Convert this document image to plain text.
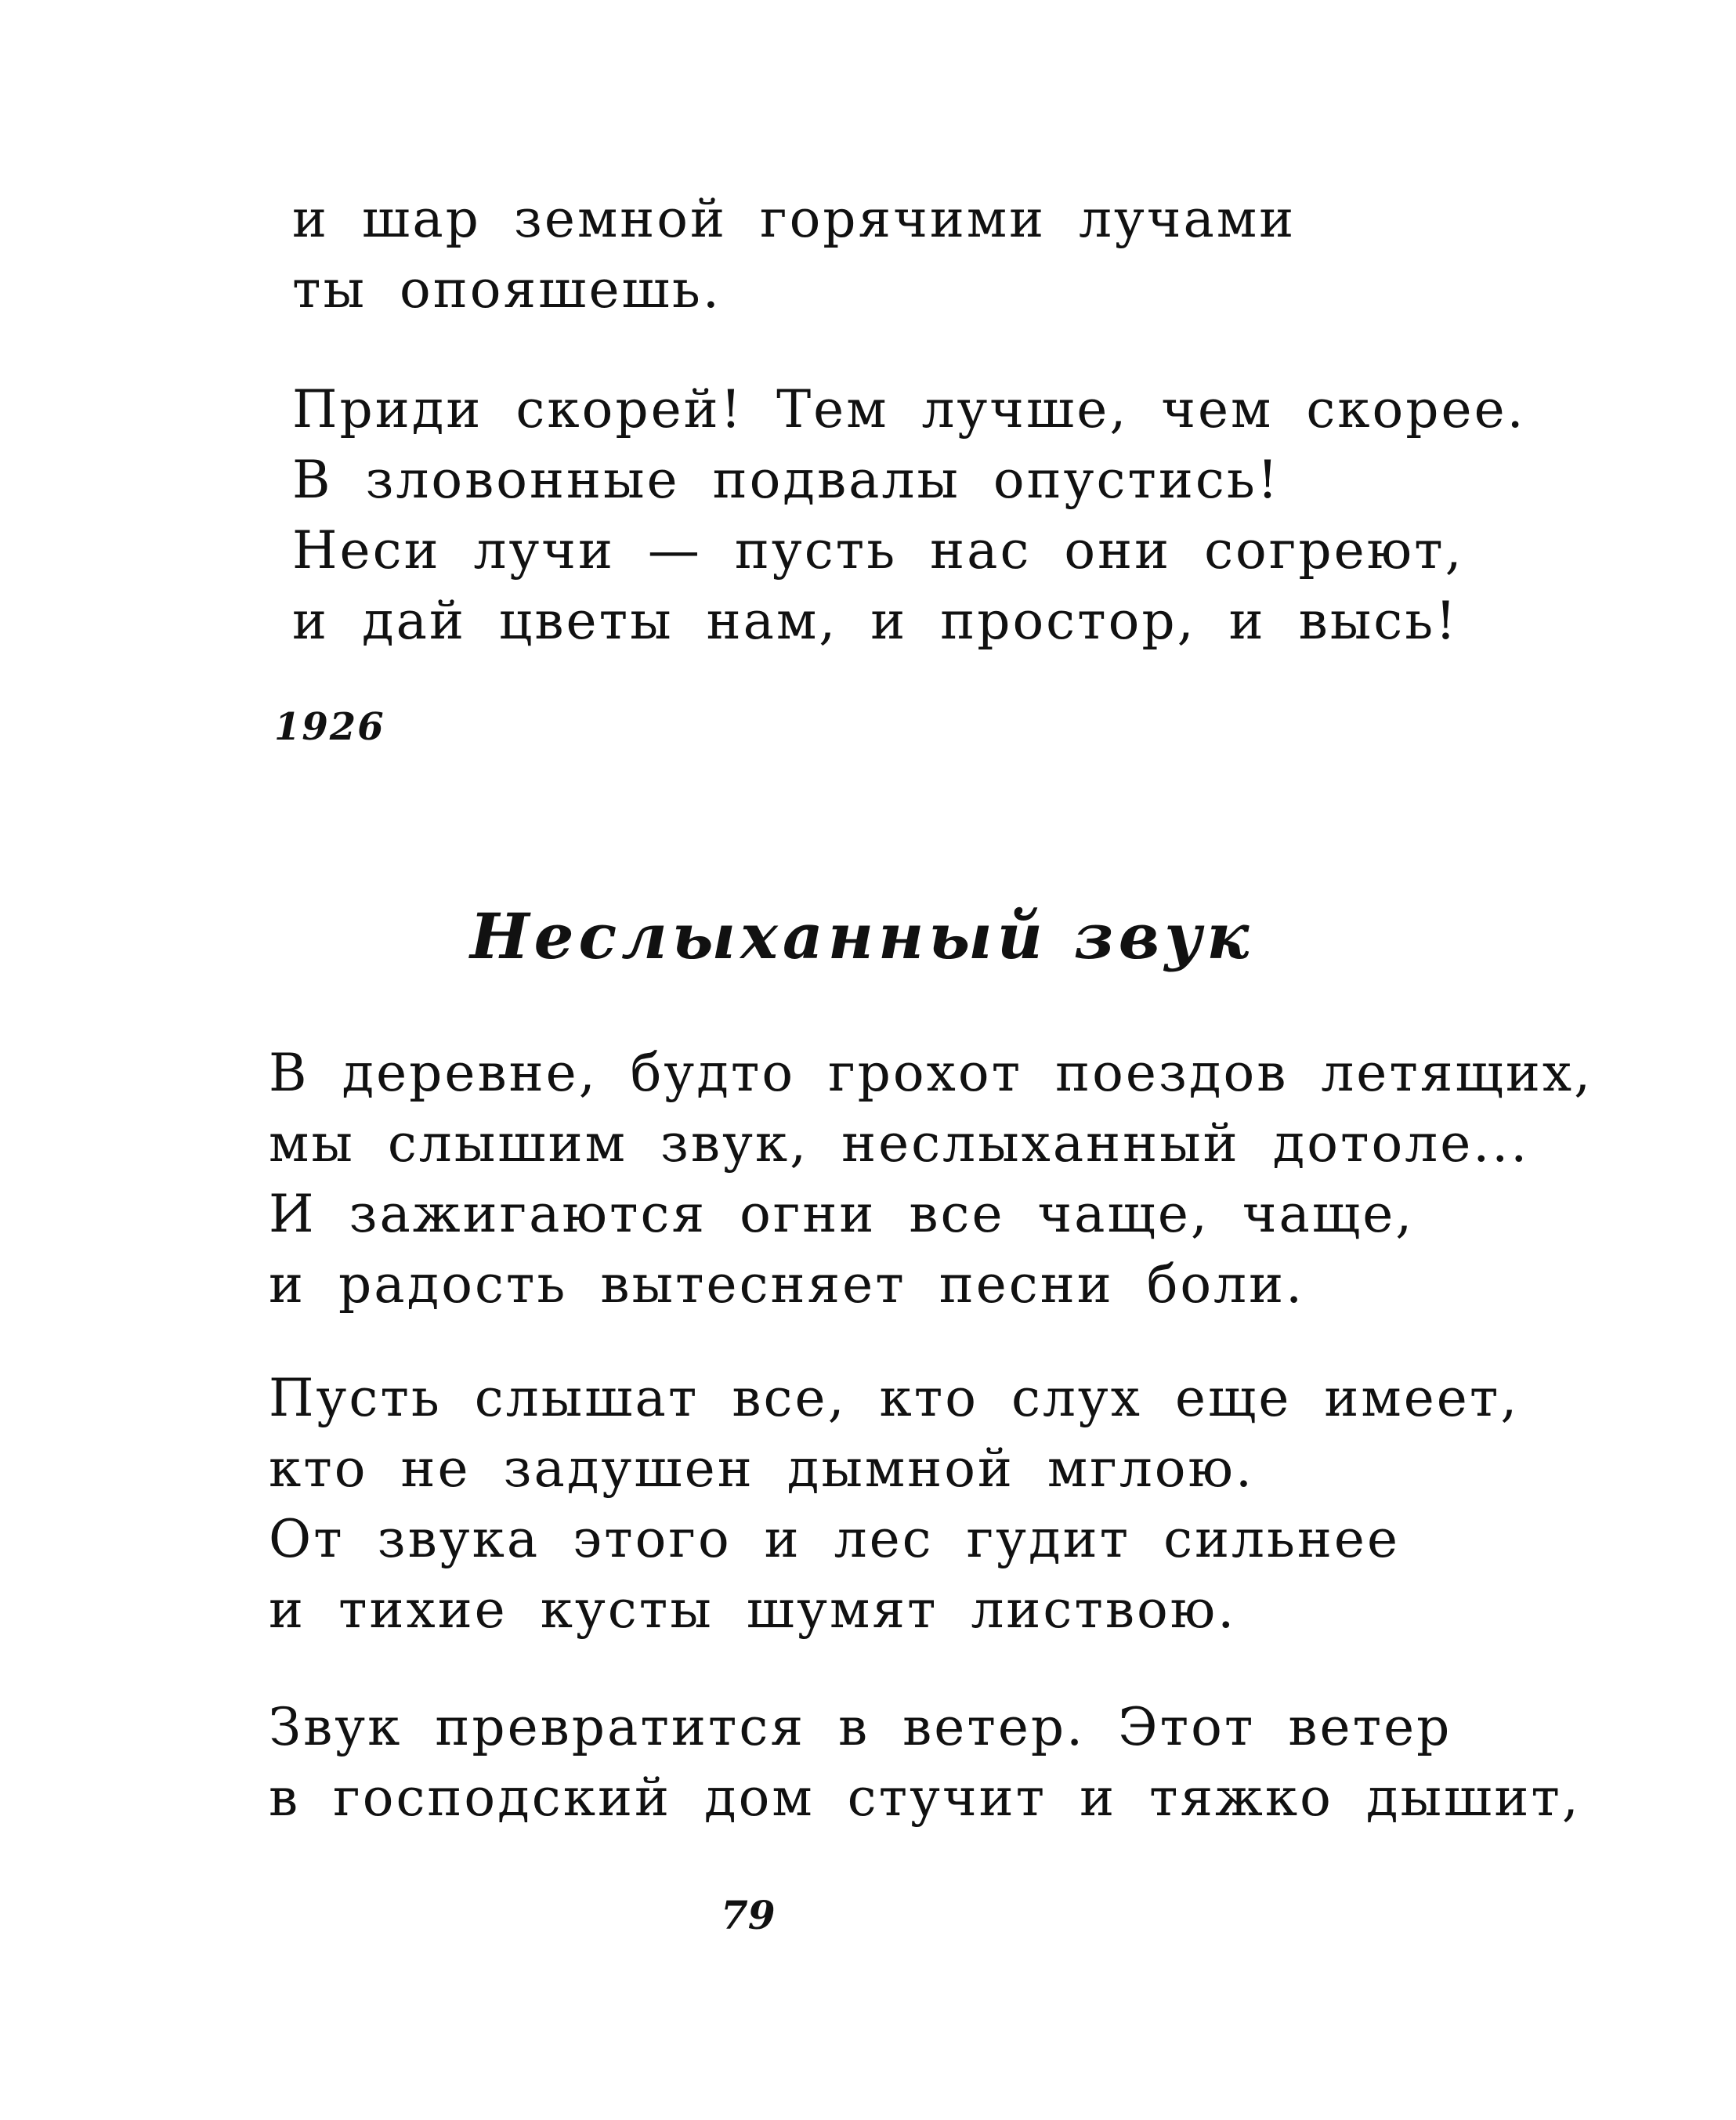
и шар земной горячими лучами
ты опояшешь.
Приди скорей! Тем лучше, чем скорее.
В зловонные подвалы опустись!
Неси лучи — пусть нас они согреют,
и дай цветы нам, и простор, и высь!
1926
Неслыханный звук
В деревне, будто грохот поездов летящих,
мы слышим звук, неслыханный дотоле...
И зажигаются огни все чаще, чаще,
и радость вытесняет песни боли.
Пусть слышат все, кто слух еще имеет,
кто не задушен дымной мглою.
От звука этого и лес гудит сильнее
и тихие кусты шумят листвою.
Звук превратится в ветер. Этот ветер
в господский дом стучит и тяжко дышит,
79
